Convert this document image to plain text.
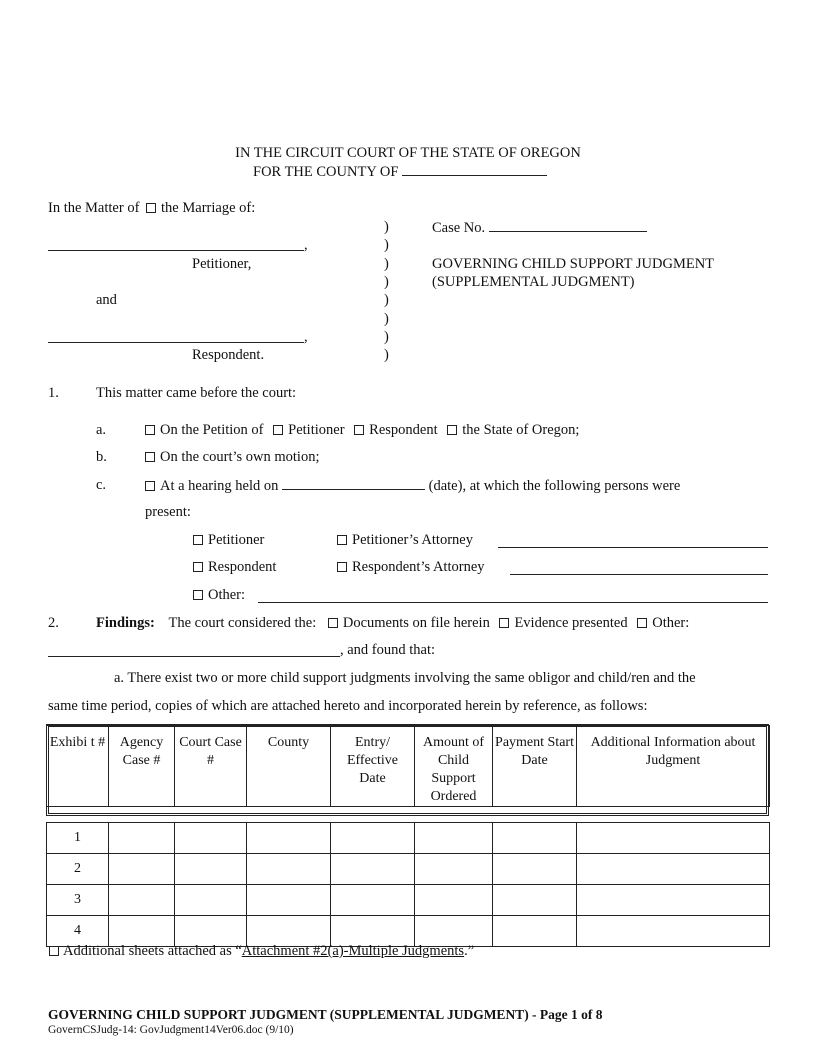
IN THE CIRCUIT COURT OF THE STATE OF OREGON
FOR THE COUNTY OF
In the Matter of the Marriage of:
,
Petitioner,
and
,
Respondent.
)
)
)
)
)
)
)
)
Case No.
GOVERNING CHILD SUPPORT JUDGMENT
(SUPPLEMENTAL JUDGMENT)
1.	This matter came before the court:
a.	On the Petition of Petitioner Respondent the State of Oregon;
b.	On the court’s own motion;
c.	At a hearing held on	(date), at which the following persons were
present:
Petitioner	Petitioner’s Attorney
Respondent	Respondent’s Attorney
Other:
2.	Findings: The court considered the: Documents on file herein Evidence presented Other:
, and found that:
a. There exist two or more child support judgments involving the same obligor and child/ren and the
same time period, copies of which are attached hereto and incorporated herein by reference, as follows:
Exhibi t #	Agency Case #	Court Case #	County	Entry/ Effective Date	Amount of Child Support Ordered	Payment Start Date	Additional Information about Judgment

1							
2							
3							
4							
Additional sheets attached as “Attachment #2(a)-Multiple Judgments.”
GOVERNING CHILD SUPPORT JUDGMENT (SUPPLEMENTAL JUDGMENT) - Page 1 of 8
GovernCSJudg-14: GovJudgment14Ver06.doc (9/10)
